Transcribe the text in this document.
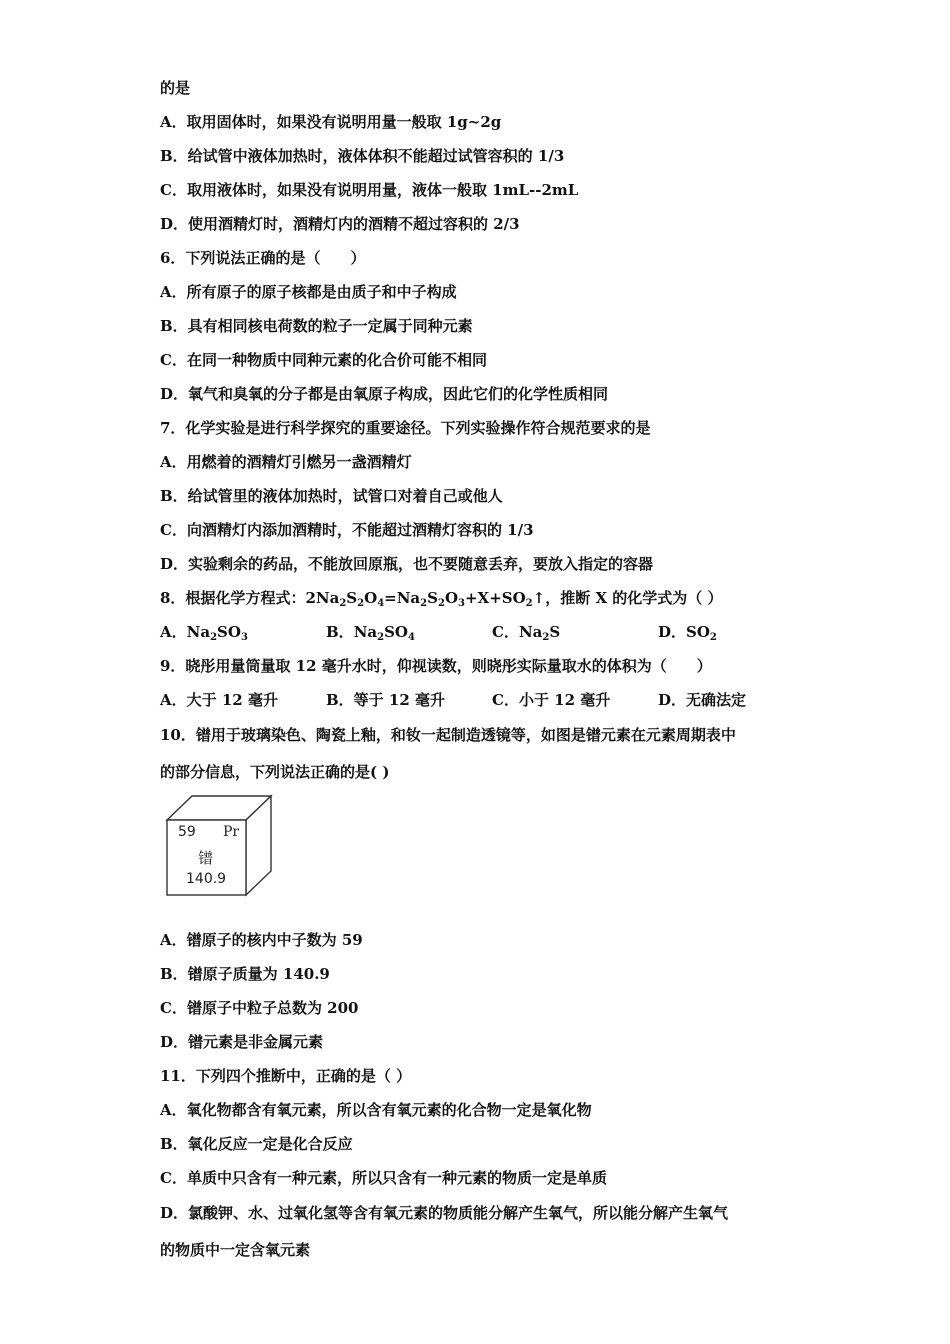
的是
A．取用固体时，如果没有说明用量一般取 1g~2g
B．给试管中液体加热时，液体体积不能超过试管容积的 1/3
C．取用液体时，如果没有说明用量，液体一般取 1mL--2mL
D．使用酒精灯时，酒精灯内的酒精不超过容积的 2/3
6．下列说法正确的是（　　）
A．所有原子的原子核都是由质子和中子构成
B．具有相同核电荷数的粒子一定属于同种元素
C．在同一种物质中同种元素的化合价可能不相同
D．氧气和臭氧的分子都是由氧原子构成，因此它们的化学性质相同
7．化学实验是进行科学探究的重要途径。下列实验操作符合规范要求的是
A．用燃着的酒精灯引燃另一盏酒精灯
B．给试管里的液体加热时，试管口对着自己或他人
C．向酒精灯内添加酒精时，不能超过酒精灯容积的 1/3
D．实验剩余的药品，不能放回原瓶，也不要随意丢弃，要放入指定的容器
8．根据化学方程式：$2Na_2S_2O_4=Na_2S_2O_3+X+SO_2↑$，推断 X 的化学式为（ ）
A．$Na_2SO_3$	B．$Na_2SO_4$	C．$Na_2S$	D．$SO_2$
9．晓彤用量筒量取 12 毫升水时，仰视读数，则晓彤实际量取水的体积为（　　）
A．大于 12 毫升	B．等于 12 毫升	C．小于 12 毫升	D．无确法定
10．镨用于玻璃染色、陶瓷上釉，和钕一起制造透镜等，如图是镨元素在元素周期表中
的部分信息，下列说法正确的是( )
59 Pr
镨
140.9
A．镨原子的核内中子数为 59
B．镨原子质量为 140.9
C．镨原子中粒子总数为 200
D．镨元素是非金属元素
11．下列四个推断中，正确的是（ ）
A．氧化物都含有氧元素，所以含有氧元素的化合物一定是氧化物
B．氧化反应一定是化合反应
C．单质中只含有一种元素，所以只含有一种元素的物质一定是单质
D．氯酸钾、水、过氧化氢等含有氧元素的物质能分解产生氧气，所以能分解产生氧气
的物质中一定含氧元素
